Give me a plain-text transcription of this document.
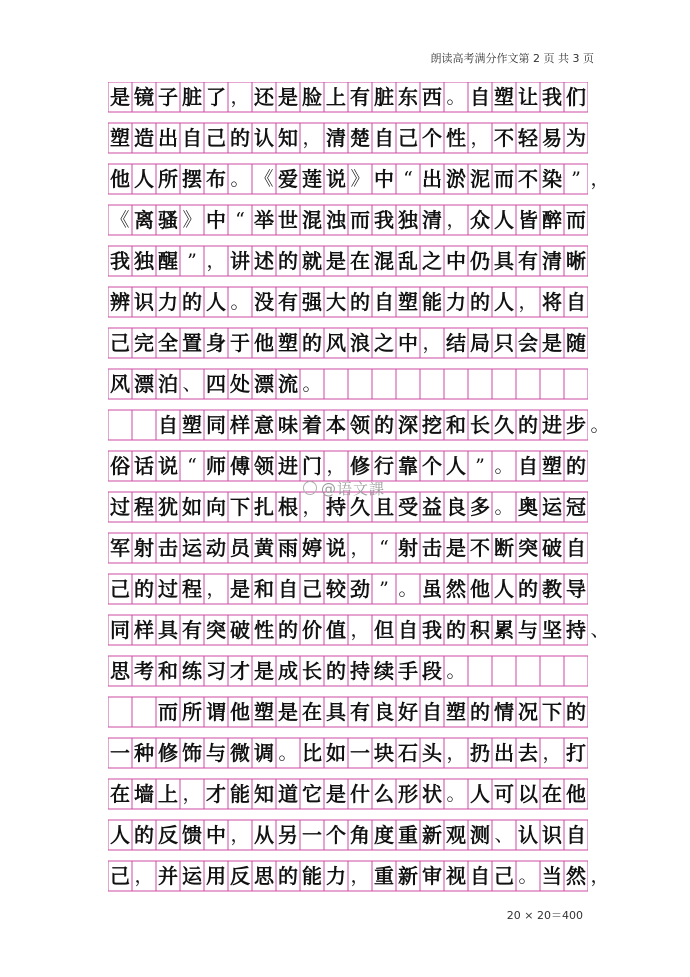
朗读高考满分作文第 2 页 共 3 页
是 镜 子 脏 了 ， 还 是 脸 上 有 脏 东 西 。 自 塑 让 我 们
塑 造 出 自 己 的 认 知 ， 清 楚 自 己 个 性 ， 不 轻 易 为
他 人 所 摆 布 。 《 爱 莲 说 》 中 “ 出 淤 泥 而 不 染 ” ，
《 离 骚 》 中 “ 举 世 混 浊 而 我 独 清 ， 众 人 皆 醉 而
我 独 醒 ” ， 讲 述 的 就 是 在 混 乱 之 中 仍 具 有 清 晰
辨 识 力 的 人 。 没 有 强 大 的 自 塑 能 力 的 人 ， 将 自
己 完 全 置 身 于 他 塑 的 风 浪 之 中 ， 结 局 只 会 是 随
风 漂 泊 、 四 处 漂 流 。
自 塑 同 样 意 味 着 本 领 的 深 挖 和 长 久 的 进 步 。
俗 话 说 “ 师 傅 领 进 门 ， 修 行 靠 个 人 ” 。 自 塑 的
过 程 犹 如 向 下 扎 根 ， 持 久 且 受 益 良 多 。 奥 运 冠
军 射 击 运 动 员 黄 雨 婷 说 ， “ 射 击 是 不 断 突 破 自
己 的 过 程 ， 是 和 自 己 较 劲 ” 。 虽 然 他 人 的 教 导
同 样 具 有 突 破 性 的 价 值 ， 但 自 我 的 积 累 与 坚 持 、
思 考 和 练 习 才 是 成 长 的 持 续 手 段 。
而 所 谓 他 塑 是 在 具 有 良 好 自 塑 的 情 况 下 的
一 种 修 饰 与 微 调 。 比 如 一 块 石 头 ， 扔 出 去 ， 打
在 墙 上 ， 才 能 知 道 它 是 什 么 形 状 。 人 可 以 在 他
人 的 反 馈 中 ， 从 另 一 个 角 度 重 新 观 测 、 认 识 自
己 ， 并 运 用 反 思 的 能 力 ， 重 新 审 视 自 己 。 当 然 ，
@语文課
20 × 20＝400
